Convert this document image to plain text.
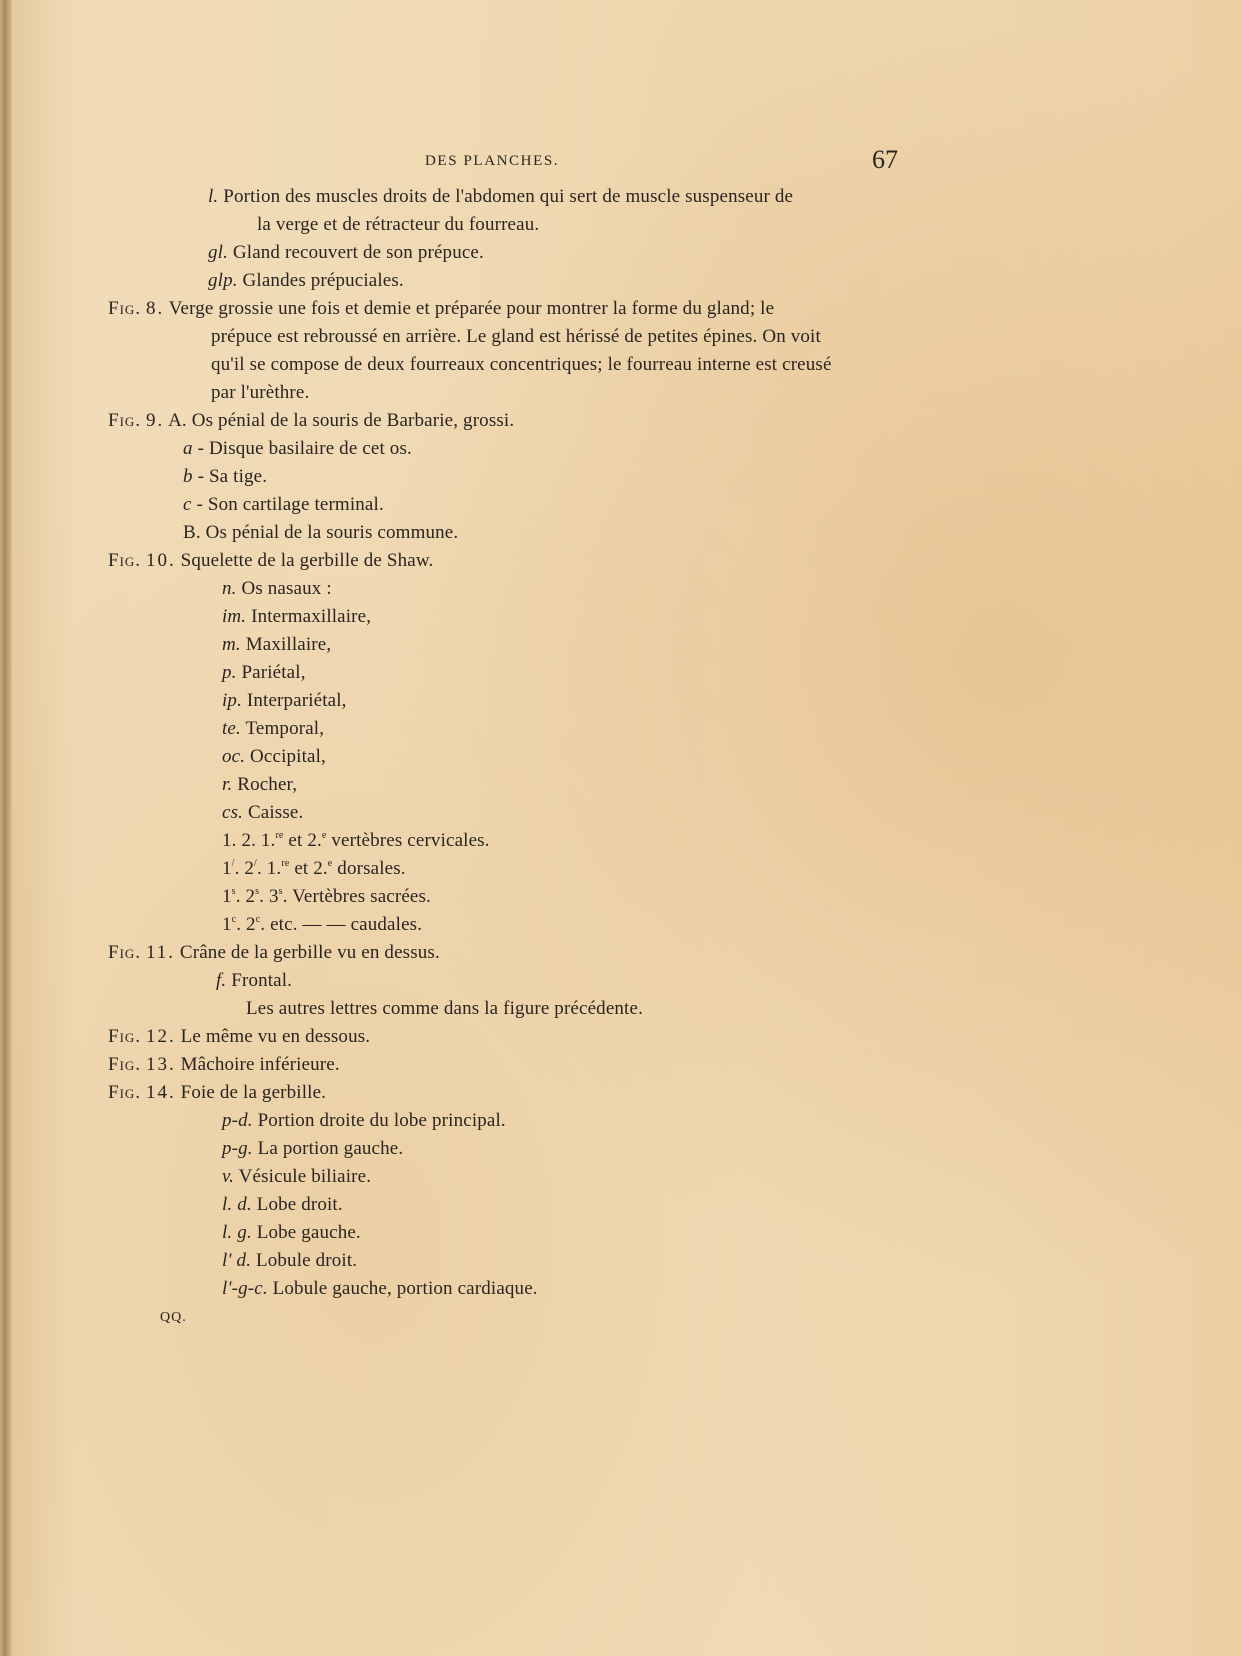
DES PLANCHES.	67
l. Portion des muscles droits de l'abdomen qui sert de muscle suspenseur de
la verge et de rétracteur du fourreau.
gl. Gland recouvert de son prépuce.
glp. Glandes prépuciales.
Fig. 8. Verge grossie une fois et demie et préparée pour montrer la forme du gland; le
prépuce est rebroussé en arrière. Le gland est hérissé de petites épines. On voit
qu'il se compose de deux fourreaux concentriques; le fourreau interne est creusé
par l'urèthre.
Fig. 9. A. Os pénial de la souris de Barbarie, grossi.
a - Disque basilaire de cet os.
b - Sa tige.
c - Son cartilage terminal.
B. Os pénial de la souris commune.
Fig. 10. Squelette de la gerbille de Shaw.
n. Os nasaux :
im. Intermaxillaire,
m. Maxillaire,
p. Pariétal,
ip. Interpariétal,
te. Temporal,
oc. Occipital,
r. Rocher,
cs. Caisse.
1. 2. 1.$^{re}$ et 2.$^e$ vertèbres cervicales.
1/. 2/. 1.$^{re}$ et 2.$^e$ dorsales.
1$^s$. 2$^s$. 3$^s$. Vertèbres sacrées.
1$^c$. 2$^c$. etc. — — caudales.
Fig. 11. Crâne de la gerbille vu en dessus.
f. Frontal.
Les autres lettres comme dans la figure précédente.
Fig. 12. Le même vu en dessous.
Fig. 13. Mâchoire inférieure.
Fig. 14. Foie de la gerbille.
p-d. Portion droite du lobe principal.
p-g. La portion gauche.
v. Vésicule biliaire.
l. d. Lobe droit.
l. g. Lobe gauche.
l' d. Lobule droit.
l'-g-c. Lobule gauche, portion cardiaque.
QQ.
